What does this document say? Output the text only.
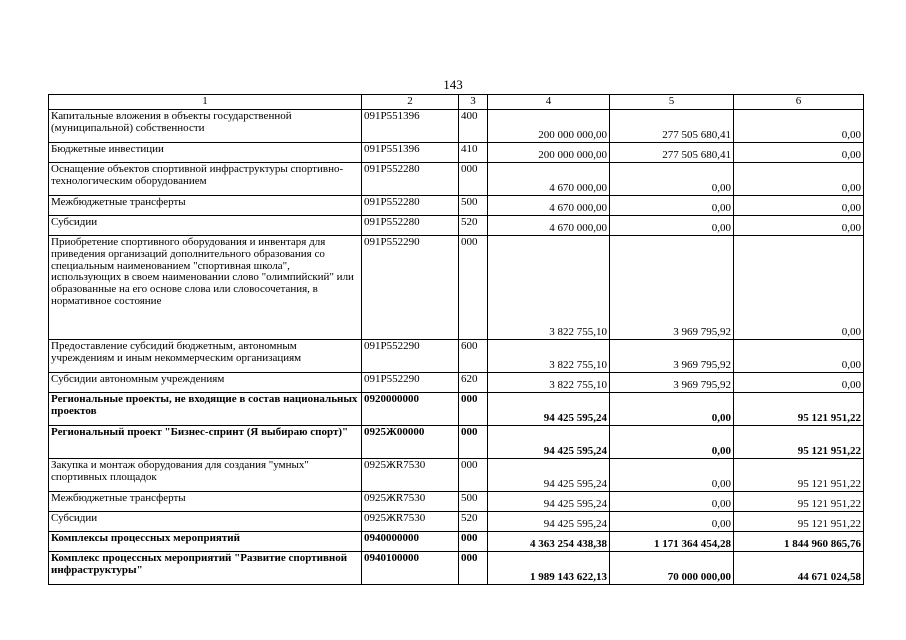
143
1	2	3	4	5	6
Капитальные вложения в объекты государственной (муниципальной) собственности	091P551396	400	200 000 000,00	277 505 680,41	0,00
Бюджетные инвестиции	091P551396	410	200 000 000,00	277 505 680,41	0,00
Оснащение объектов спортивной инфраструктуры спортивно-технологическим оборудованием	091P552280	000	4 670 000,00	0,00	0,00
Межбюджетные трансферты	091P552280	500	4 670 000,00	0,00	0,00
Субсидии	091P552280	520	4 670 000,00	0,00	0,00
Приобретение спортивного оборудования и инвентаря для приведения организаций дополнительного образования со специальным наименованием "спортивная школа", использующих в своем наименовании слово "олимпийский" или образованные на его основе слова или словосочетания, в нормативное состояние	091P552290	000	3 822 755,10	3 969 795,92	0,00
Предоставление субсидий бюджетным, автономным учреждениям и иным некоммерческим организациям	091P552290	600	3 822 755,10	3 969 795,92	0,00
Субсидии автономным учреждениям	091P552290	620	3 822 755,10	3 969 795,92	0,00
Региональные проекты, не входящие в состав национальных проектов	0920000000	000	94 425 595,24	0,00	95 121 951,22
Региональный проект "Бизнес-спринт (Я выбираю спорт)"	0925Ж00000	000	94 425 595,24	0,00	95 121 951,22
Закупка и монтаж оборудования для создания "умных" спортивных площадок	0925ЖR7530	000	94 425 595,24	0,00	95 121 951,22
Межбюджетные трансферты	0925ЖR7530	500	94 425 595,24	0,00	95 121 951,22
Субсидии	0925ЖR7530	520	94 425 595,24	0,00	95 121 951,22
Комплексы процессных мероприятий	0940000000	000	4 363 254 438,38	1 171 364 454,28	1 844 960 865,76
Комплекс процессных мероприятий "Развитие спортивной инфраструктуры"	0940100000	000	1 989 143 622,13	70 000 000,00	44 671 024,58
